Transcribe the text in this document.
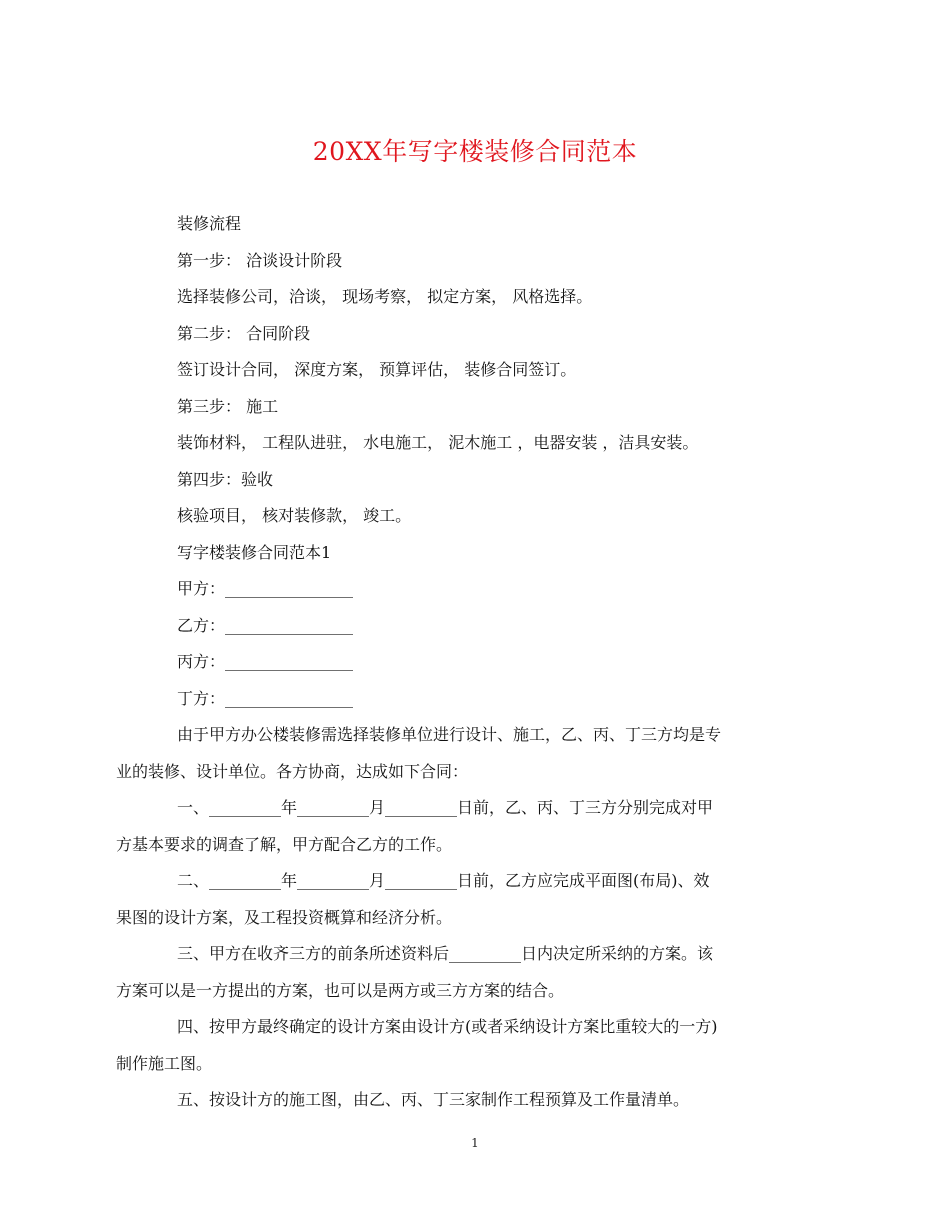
20XX年写字楼装修合同范本
装修流程
第一步： 洽谈设计阶段
选择装修公司，洽谈， 现场考察， 拟定方案， 风格选择。
第二步： 合同阶段
签订设计合同， 深度方案， 预算评估， 装修合同签订。
第三步： 施工
装饰材料， 工程队进驻， 水电施工， 泥木施工 ，电器安装 ，洁具安装。
第四步：验收
核验项目， 核对装修款， 竣工。
写字楼装修合同范本1
甲方：________________
乙方：________________
丙方：________________
丁方：________________
由于甲方办公楼装修需选择装修单位进行设计、施工，乙、丙、丁三方均是专
业的装修、设计单位。各方协商，达成如下合同：
一、_________年_________月_________日前，乙、丙、丁三方分别完成对甲
方基本要求的调查了解，甲方配合乙方的工作。
二、_________年_________月_________日前，乙方应完成平面图(布局)、效
果图的设计方案，及工程投资概算和经济分析。
三、甲方在收齐三方的前条所述资料后_________日内决定所采纳的方案。该
方案可以是一方提出的方案，也可以是两方或三方方案的结合。
四、按甲方最终确定的设计方案由设计方(或者采纳设计方案比重较大的一方)
制作施工图。
五、按设计方的施工图，由乙、丙、丁三家制作工程预算及工作量清单。
1
